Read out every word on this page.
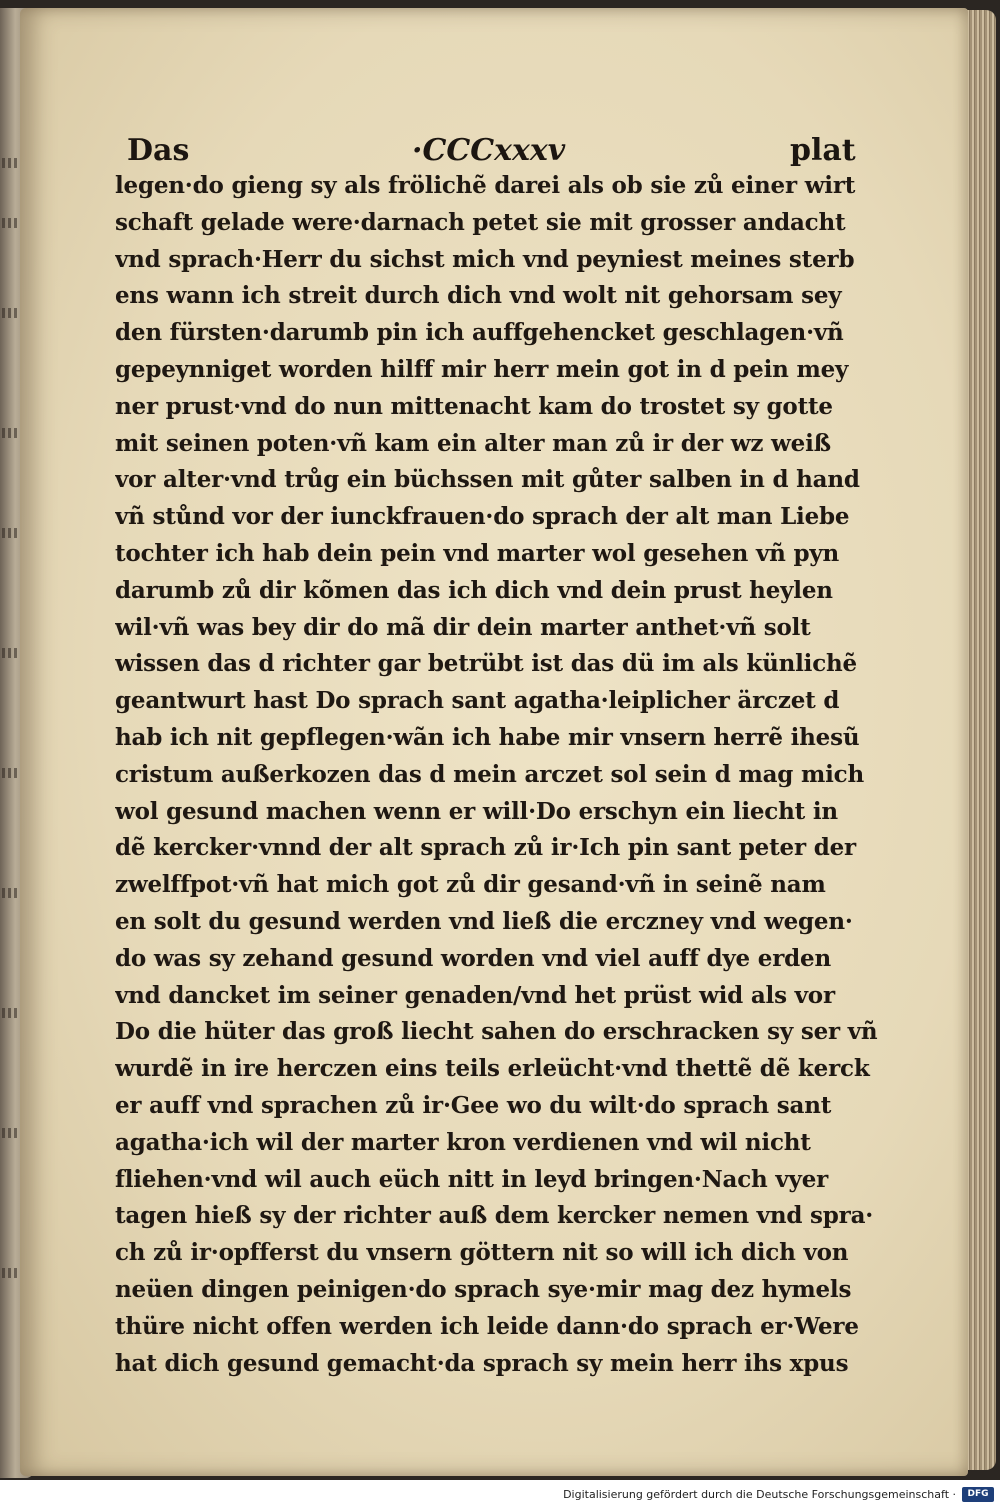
Das	·CCCxxxv	plat
legen·do gieng sy als frölichẽ darei als ob sie zů einer wirt
schaft gelade were·darnach petet sie mit grosser andacht
vnd sprach·Herr du sichst mich vnd peyniest meines sterb
ens wann ich streit durch dich vnd wolt nit gehorsam sey
den fürsten·darumb pin ich auffgehencket geschlagen·vñ
gepeynniget worden hilff mir herr mein got in d pein mey
ner prust·vnd do nun mittenacht kam do trostet sy gotte
mit seinen poten·vñ kam ein alter man zů ir der wz weiß
vor alter·vnd trůg ein büchssen mit gůter salben in d hand
vñ stůnd vor der iunckfrauen·do sprach der alt man Liebe
tochter ich hab dein pein vnd marter wol gesehen vñ pyn
darumb zů dir kõmen das ich dich vnd dein prust heylen
wil·vñ was bey dir do mã dir dein marter anthet·vñ solt
wissen das d richter gar betrübt ist das dü im als künlichẽ
geantwurt hast Do sprach sant agatha·leiplicher ärczet d
hab ich nit gepflegen·wãn ich habe mir vnsern herrẽ ihesũ
cristum außerkozen das d mein arczet sol sein d mag mich
wol gesund machen wenn er will·Do erschyn ein liecht in
dẽ kercker·vnnd der alt sprach zů ir·Ich pin sant peter der
zwelffpot·vñ hat mich got zů dir gesand·vñ in seinẽ nam
en solt du gesund werden vnd ließ die erczney vnd wegen·
do was sy zehand gesund worden vnd viel auff dye erden
vnd dancket im seiner genaden/vnd het prüst wid als vor
Do die hüter das groß liecht sahen do erschracken sy ser vñ
wurdẽ in ire herczen eins teils erleücht·vnd thettẽ dẽ kerck
er auff vnd sprachen zů ir·Gee wo du wilt·do sprach sant
agatha·ich wil der marter kron verdienen vnd wil nicht
fliehen·vnd wil auch eüch nitt in leyd bringen·Nach vyer
tagen hieß sy der richter auß dem kercker nemen vnd spra·
ch zů ir·opfferst du vnsern göttern nit so will ich dich von
neüen dingen peinigen·do sprach sye·mir mag dez hymels
thüre nicht offen werden ich leide dann·do sprach er·Were
hat dich gesund gemacht·da sprach sy mein herr ihs xpus
Digitalisierung gefördert durch die Deutsche Forschungsgemeinschaft ·	DFG
